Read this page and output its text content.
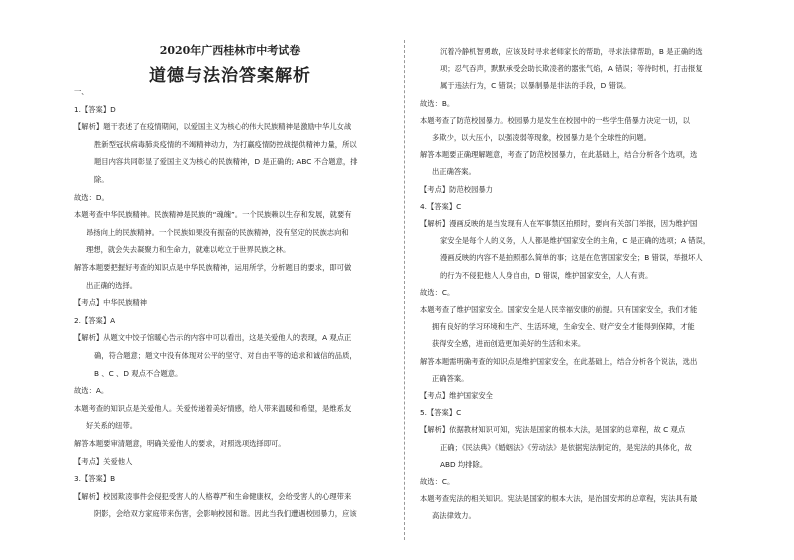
2020年广西桂林市中考试卷
道德与法治答案解析
一、
1.【答案】D
【解析】题干表述了在疫情期间，以爱国主义为核心的伟大民族精神是激励中华儿女战
胜新型冠状病毒肺炎疫情的不竭精神动力，为打赢疫情防控战提供精神力量，所以
题目内容共同彰显了爱国主义为核心的民族精神，D 是正确的; ABC 不合题意，排
除。
故选：D。
本题考查中华民族精神。民族精神是民族的“魂魄”。一个民族赖以生存和发展，就要有
昂扬向上的民族精神。一个民族如果没有振奋的民族精神，没有坚定的民族志向和
理想，就会失去凝聚力和生命力，就难以屹立于世界民族之林。
解答本题要把握好考查的知识点是中华民族精神，运用所学，分析题目的要求，即可做
出正确的选择。
【考点】中华民族精神
2.【答案】A
【解析】从题文中饺子馆暖心告示的内容中可以看出，这是关爱他人的表现，A 观点正
确，符合题意；题文中没有体现对公平的坚守、对自由平等的追求和诚信的品质，
B 、C 、D 观点不合题意。
故选：A。
本题考查的知识点是关爱他人。关爱传递着美好情感，给人带来温暖和希望，是维系友
好关系的纽带。
解答本题要审清题意，明确关爱他人的要求，对照选项选择即可。
【考点】关爱他人
3.【答案】B
【解析】校园欺凌事件会侵犯受害人的人格尊严和生命健康权，会给受害人的心理带来
阴影，会给双方家庭带来伤害，会影响校园和谐。因此当我们遭遇校园暴力，应该
沉着冷静机智勇敢，应该及时寻求老师家长的帮助，寻求法律帮助，B 是正确的选
项；忍气吞声，默默承受会助长欺凌者的嚣张气焰，A 错误；等待时机，打击报复
属于违法行为，C 错误；以暴制暴是非法的手段，D 错误。
故选：B。
本题考查了防范校园暴力。校园暴力是发生在校园中的一些学生借暴力决定一切，以
多欺少，以大压小，以强凌弱等现象，校园暴力是个全球性的问题。
解答本题要正确理解题意，考查了防范校园暴力，在此基础上，结合分析各个选项，选
出正确答案。
【考点】防范校园暴力
4.【答案】C
【解析】漫画反映的是当发现有人在军事禁区拍照时，要向有关部门举报，因为维护国
家安全是每个人的义务，人人都是维护国家安全的主角，C 是正确的选项；A 错误，
漫画反映的内容不是拍照那么简单的事；这是在危害国家安全；B 错误，举报坏人
的行为不侵犯他人人身自由，D 错误，维护国家安全，人人有责。
故选：C。
本题考查了维护国家安全。国家安全是人民幸福安康的前提。只有国家安全，我们才能
拥有良好的学习环境和生产、生活环境，生命安全、财产安全才能得到保障，才能
获得安全感，进而创造更加美好的生活和未来。
解答本题需明确考查的知识点是维护国家安全，在此基础上，结合分析各个说法，选出
正确答案。
【考点】维护国家安全
5.【答案】C
【解析】依据教材知识可知，宪法是国家的根本大法，是国家的总章程，故 C 观点
正确；《民法典》《婚姻法》《劳动法》是依据宪法制定的，是宪法的具体化，故
ABD 均排除。
故选：C。
本题考查宪法的相关知识。宪法是国家的根本大法，是治国安邦的总章程，宪法具有最
高法律效力。
